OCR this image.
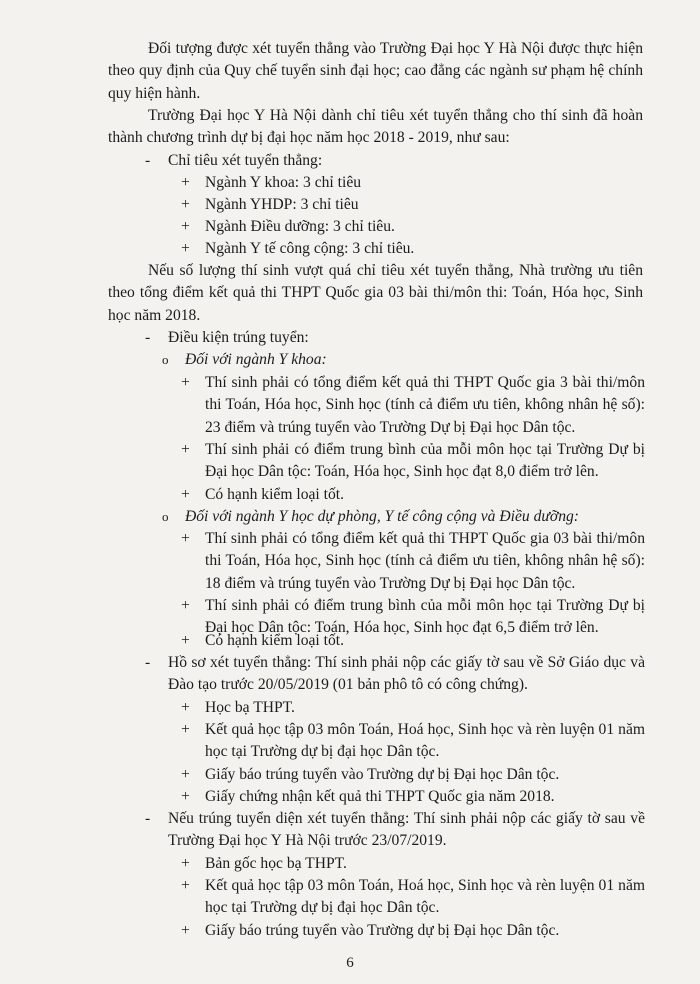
Đối tượng được xét tuyển thẳng vào Trường Đại học Y Hà Nội được thực hiện theo quy định của Quy chế tuyển sinh đại học; cao đẳng các ngành sư phạm hệ chính quy hiện hành.
Trường Đại học Y Hà Nội dành chỉ tiêu xét tuyển thẳng cho thí sinh đã hoàn thành chương trình dự bị đại học năm học 2018 - 2019, như sau:
- Chỉ tiêu xét tuyển thẳng:
+ Ngành Y khoa: 3 chỉ tiêu
+ Ngành YHDP: 3 chỉ tiêu
+ Ngành Điều dưỡng: 3 chỉ tiêu.
+ Ngành Y tế công cộng: 3 chỉ tiêu.
Nếu số lượng thí sinh vượt quá chỉ tiêu xét tuyển thẳng, Nhà trường ưu tiên theo tổng điểm kết quả thi THPT Quốc gia 03 bài thi/môn thi: Toán, Hóa học, Sinh học năm 2018.
- Điều kiện trúng tuyển:
o Đối với ngành Y khoa:
+ Thí sinh phải có tổng điểm kết quả thi THPT Quốc gia 3 bài thi/môn thi Toán, Hóa học, Sinh học (tính cả điểm ưu tiên, không nhân hệ số): 23 điểm và trúng tuyển vào Trường Dự bị Đại học Dân tộc.
+ Thí sinh phải có điểm trung bình của mỗi môn học tại Trường Dự bị Đại học Dân tộc: Toán, Hóa học, Sinh học đạt 8,0 điểm trở lên.
+ Có hạnh kiểm loại tốt.
o Đối với ngành Y học dự phòng, Y tế công cộng và Điều dưỡng:
+ Thí sinh phải có tổng điểm kết quả thi THPT Quốc gia 03 bài thi/môn thi Toán, Hóa học, Sinh học (tính cả điểm ưu tiên, không nhân hệ số): 18 điểm và trúng tuyển vào Trường Dự bị Đại học Dân tộc.
+ Thí sinh phải có điểm trung bình của mỗi môn học tại Trường Dự bị Đại học Dân tộc: Toán, Hóa học, Sinh học đạt 6,5 điểm trở lên.
+ Có hạnh kiểm loại tốt.
- Hồ sơ xét tuyển thẳng: Thí sinh phải nộp các giấy tờ sau về Sở Giáo dục và Đào tạo trước 20/05/2019 (01 bản phô tô có công chứng).
+ Học bạ THPT.
+ Kết quả học tập 03 môn Toán, Hoá học, Sinh học và rèn luyện 01 năm học tại Trường dự bị đại học Dân tộc.
+ Giấy báo trúng tuyển vào Trường dự bị Đại học Dân tộc.
+ Giấy chứng nhận kết quả thi THPT Quốc gia năm 2018.
- Nếu trúng tuyển diện xét tuyển thẳng: Thí sinh phải nộp các giấy tờ sau về Trường Đại học Y Hà Nội trước 23/07/2019.
+ Bản gốc học bạ THPT.
+ Kết quả học tập 03 môn Toán, Hoá học, Sinh học và rèn luyện 01 năm học tại Trường dự bị đại học Dân tộc.
+ Giấy báo trúng tuyển vào Trường dự bị Đại học Dân tộc.
6
